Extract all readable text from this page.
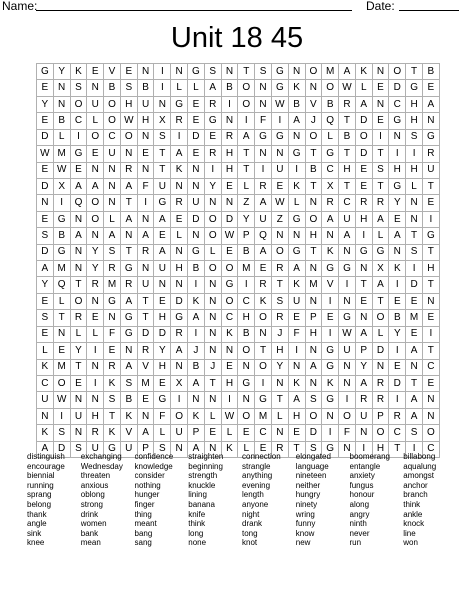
Name:	Date:
Unit 18 45
G Y	K	E	V	E N	I	N G S N	T	S G N O M A	K N O T	B
E N S N B	S	B	I	L	L	A	B O N G K N O W L	E D G E
Y N O U O H U N G E R	I	O N W B	V	B R A N C H A
E	B C	L	O W H X R E G N	I	F	I	A	J	Q T	D E G H N
D	L	I	O C O N S	I	D E R A G G N O	L	B O	I	N S G
W M G E U N E	T	A	E R H	T	N N G T G T	D	T	I	I	R
E W E N N R N	T	K N	I	H	T	I	U	I	B C H E	S H H U
D X	A	A N A	F	U N N Y	E	L	R E	K	T	X	T	E	T G	L	T
N	I	Q O N	T	I	G R U N N	Z	A W L	N R C R R Y N E
E G N O	L	A N A	E D O D Y U	Z G O A U H A	E N	I
S	B	A N A N A	E	L	N O W P Q N N H N A	I	L	A	T G
D G N Y	S	T	R A N G	L	E	B	A O G T	K N G G N S	T
A M N Y R G N U H B O O M E R A N G G N X	K	I	H
Y Q T	R M R U N N	I	N G	I	R	T	K M V	I	T	A	I	D	T
E	L	O N G A	T	E D K N O C K	S U N	I	N E	T	E	E N
S	T	R E N G T	H G A N C H O R E	P	E G N O B M E
E N	L	L	F G D D R	I	N K	B N	J	F	H	I	W A	L	Y	E	I
L	E	Y	I	E N R Y	A	J	N N O T	H	I	N G U P D	I	A	T
K M T	N R A	V H N B	J	E N O Y N A G N Y N E N C
C O E	I	K	S M E	X	A	T	H G	I	N K N K N A R D	T	E
U W N N S	B	E G	I	N N	I	N G T	A	S G	I	R R	I	A N
N	I	U H	T	K N	F O K	L W O M L	H O N O U P R A N
K	S N R K	V	A	L	U P	E	L	E C N E D	I	F	N O C S O
A D S U G U P	S N A N K	L	E R	T	S G N	I	H	T	I	C
distinguish	exchanging	confidence	straighten	connection	elongated	boomerang	billabong
encourage	Wednesday	knowledge	beginning	strangle	language	entangle	aqualung
biennial	threaten	consider	strength	anything	nineteen	anxiety	amongst
running	anxious	nothing	knuckle	evening	neither	fungus	anchor
sprang	oblong	hunger	lining	length	hungry	honour	branch
belong	strong	finger	banana	anyone	ninety	along	think
thank	drink	thing	knife	night	wring	angry	ankle
angle	women	meant	think	drank	funny	ninth	knock
sink	bank	bang	long	tong	know	never	line
knee	mean	sang	none	knot	new	run	won
